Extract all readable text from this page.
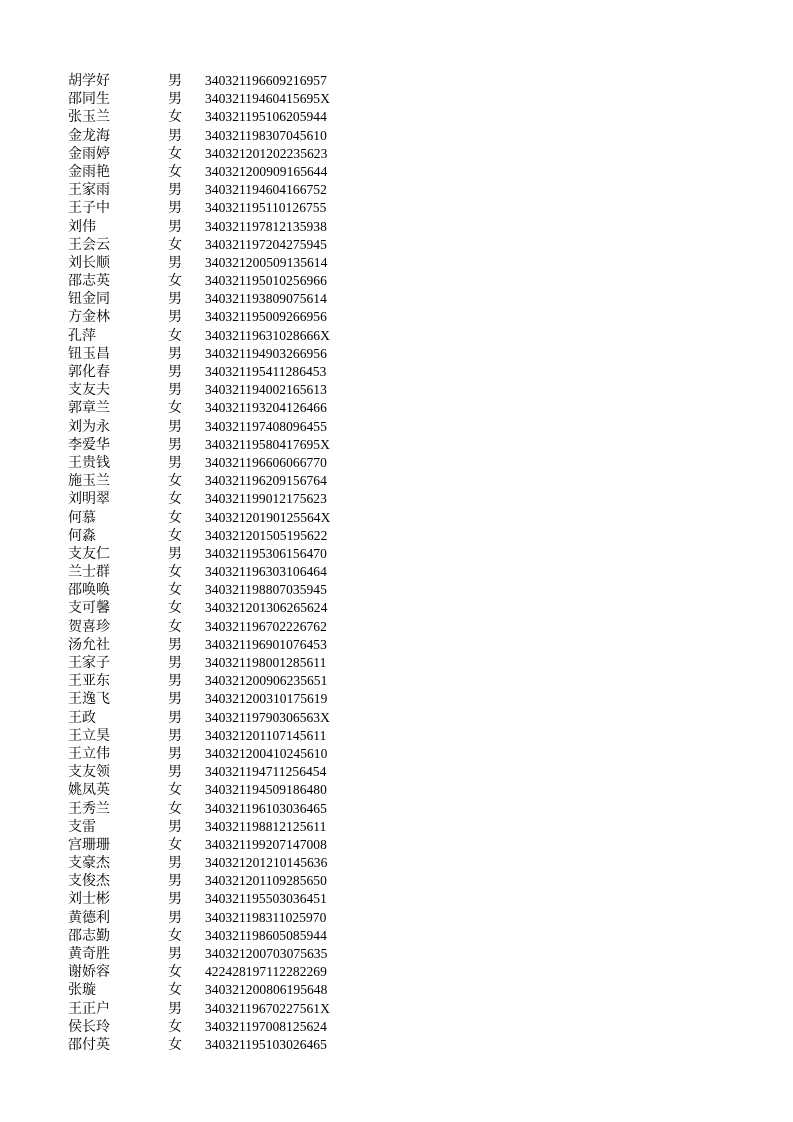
胡学好	男 340321196609216957
邵同生	男 34032119460415695X
张玉兰	女 340321195106205944
金龙海	男 340321198307045610
金雨婷	女 340321201202235623
金雨艳	女 340321200909165644
王家雨	男 340321194604166752
王子中	男 340321195110126755
刘伟	男 340321197812135938
王会云	女 340321197204275945
刘长顺	男 340321200509135614
邵志英	女 340321195010256966
钮金同	男 340321193809075614
方金林	男 340321195009266956
孔萍	女 34032119631028666X
钮玉昌	男 340321194903266956
郭化春	男 340321195411286453
支友夫	男 340321194002165613
郭章兰	女 340321193204126466
刘为永	男 340321197408096455
李爱华	男 34032119580417695X
王贵钱	男 340321196606066770
施玉兰	女 340321196209156764
刘明翠	女 340321199012175623
何慕	女 34032120190125564X
何淼	女 340321201505195622
支友仁	男 340321195306156470
兰士群	女 340321196303106464
邵唤唤	女 340321198807035945
支可馨	女 340321201306265624
贺喜珍	女 340321196702226762
汤允社	男 340321196901076453
王家子	男 340321198001285611
王亚东	男 340321200906235651
王逸飞	男 340321200310175619
王政	男 34032119790306563X
王立昊	男 340321201107145611
王立伟	男 340321200410245610
支友领	男 340321194711256454
姚凤英	女 340321194509186480
王秀兰	女 340321196103036465
支雷	男 340321198812125611
宫珊珊	女 340321199207147008
支豪杰	男 340321201210145636
支俊杰	男 340321201109285650
刘士彬	男 340321195503036451
黄德利	男 340321198311025970
邵志勤	女 340321198605085944
黄奇胜	男 340321200703075635
谢娇容	女 422428197112282269
张璇	女 340321200806195648
王正户	男 34032119670227561X
侯长玲	女 340321197008125624
邵付英	女 340321195103026465
